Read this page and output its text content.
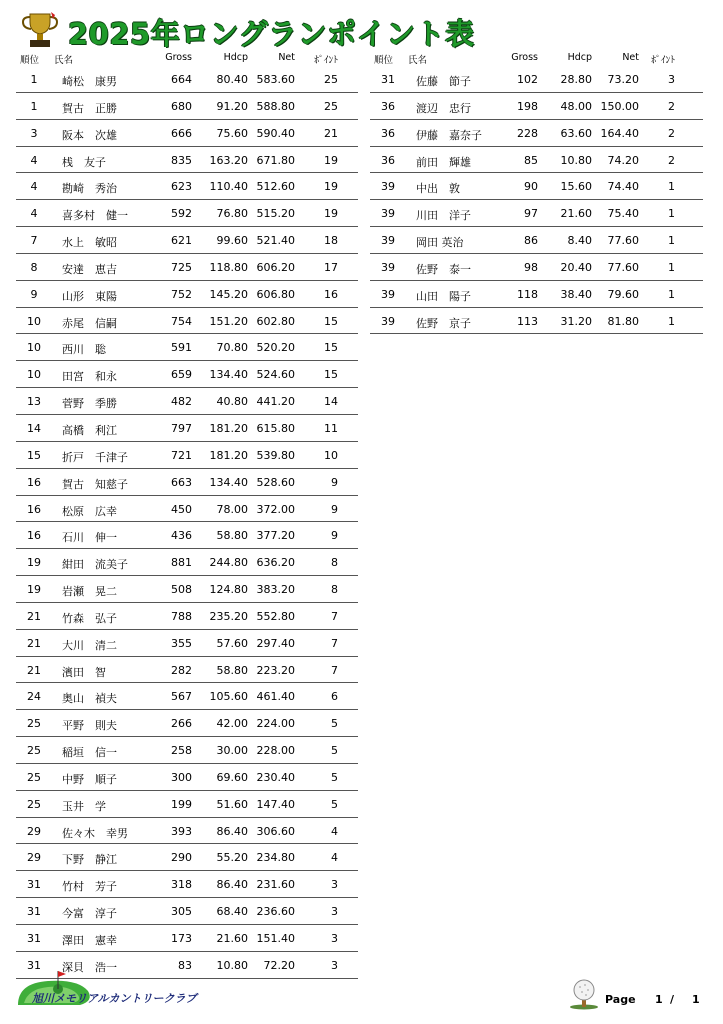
2025年ロングランポイント表
順位 氏名	Gross	Hdcp	Net ﾎﾟｲﾝﾄ
1 崎松　康男	664 80.40 583.60	25
1 賀古　正勝	680 91.20 588.80	25
3 阪本　次雄	666 75.60 590.40	21
4 桟　友子	835 163.20 671.80	19
4 勘崎　秀治	623 110.40 512.60	19
4 喜多村　健一	592 76.80 515.20	19
7 水上　敏昭	621 99.60 521.40	18
8 安達　恵吉	725 118.80 606.20	17
9 山形　東陽	752 145.20 606.80	16
10 赤尾　信嗣	754 151.20 602.80	15
10 西川　聡	591 70.80 520.20	15
10 田宮　和永	659 134.40 524.60	15
13 菅野　季勝	482 40.80 441.20	14
14 高橋　利江	797 181.20 615.80	11
15 折戸　千津子	721 181.20 539.80	10
16 賀古　知慈子	663 134.40 528.60	9
16 松原　広幸	450 78.00 372.00	9
16 石川　伸一	436 58.80 377.20	9
19 紺田　流美子	881 244.80 636.20	8
19 岩瀬　晃二	508 124.80 383.20	8
21 竹森　弘子	788 235.20 552.80	7
21 大川　清二	355 57.60 297.40	7
21 濱田　智	282 58.80 223.20	7
24 奥山　禎夫	567 105.60 461.40	6
25 平野　則夫	266 42.00 224.00	5
25 稲垣　信一	258 30.00 228.00	5
25 中野　順子	300 69.60 230.40	5
25 玉井　学	199 51.60 147.40	5
29 佐々木　幸男	393 86.40 306.60	4
29 下野　静江	290 55.20 234.80	4
31 竹村　芳子	318 86.40 231.60	3
31 今富　淳子	305 68.40 236.60	3
31 澤田　憲幸	173 21.60 151.40	3
31 深貝　浩一	83 10.80 72.20	3
順位 氏名	Gross	Hdcp	Net ﾎﾟｲﾝﾄ
31 佐藤　節子	102 28.80 73.20	3
36 渡辺　忠行	198 48.00 150.00	2
36 伊藤　嘉奈子	228 63.60 164.40	2
36 前田　輝雄	85 10.80 74.20	2
39 中出　敦	90 15.60 74.40	1
39 川田　洋子	97 21.60 75.40	1
39 岡田 英治	86	8.40 77.60	1
39 佐野　泰一	98 20.40 77.60	1
39 山田　陽子	118 38.40 79.60	1
39 佐野　京子	113 31.20 81.80	1
旭川メモリアルカントリークラブ	Page 1 / 1
